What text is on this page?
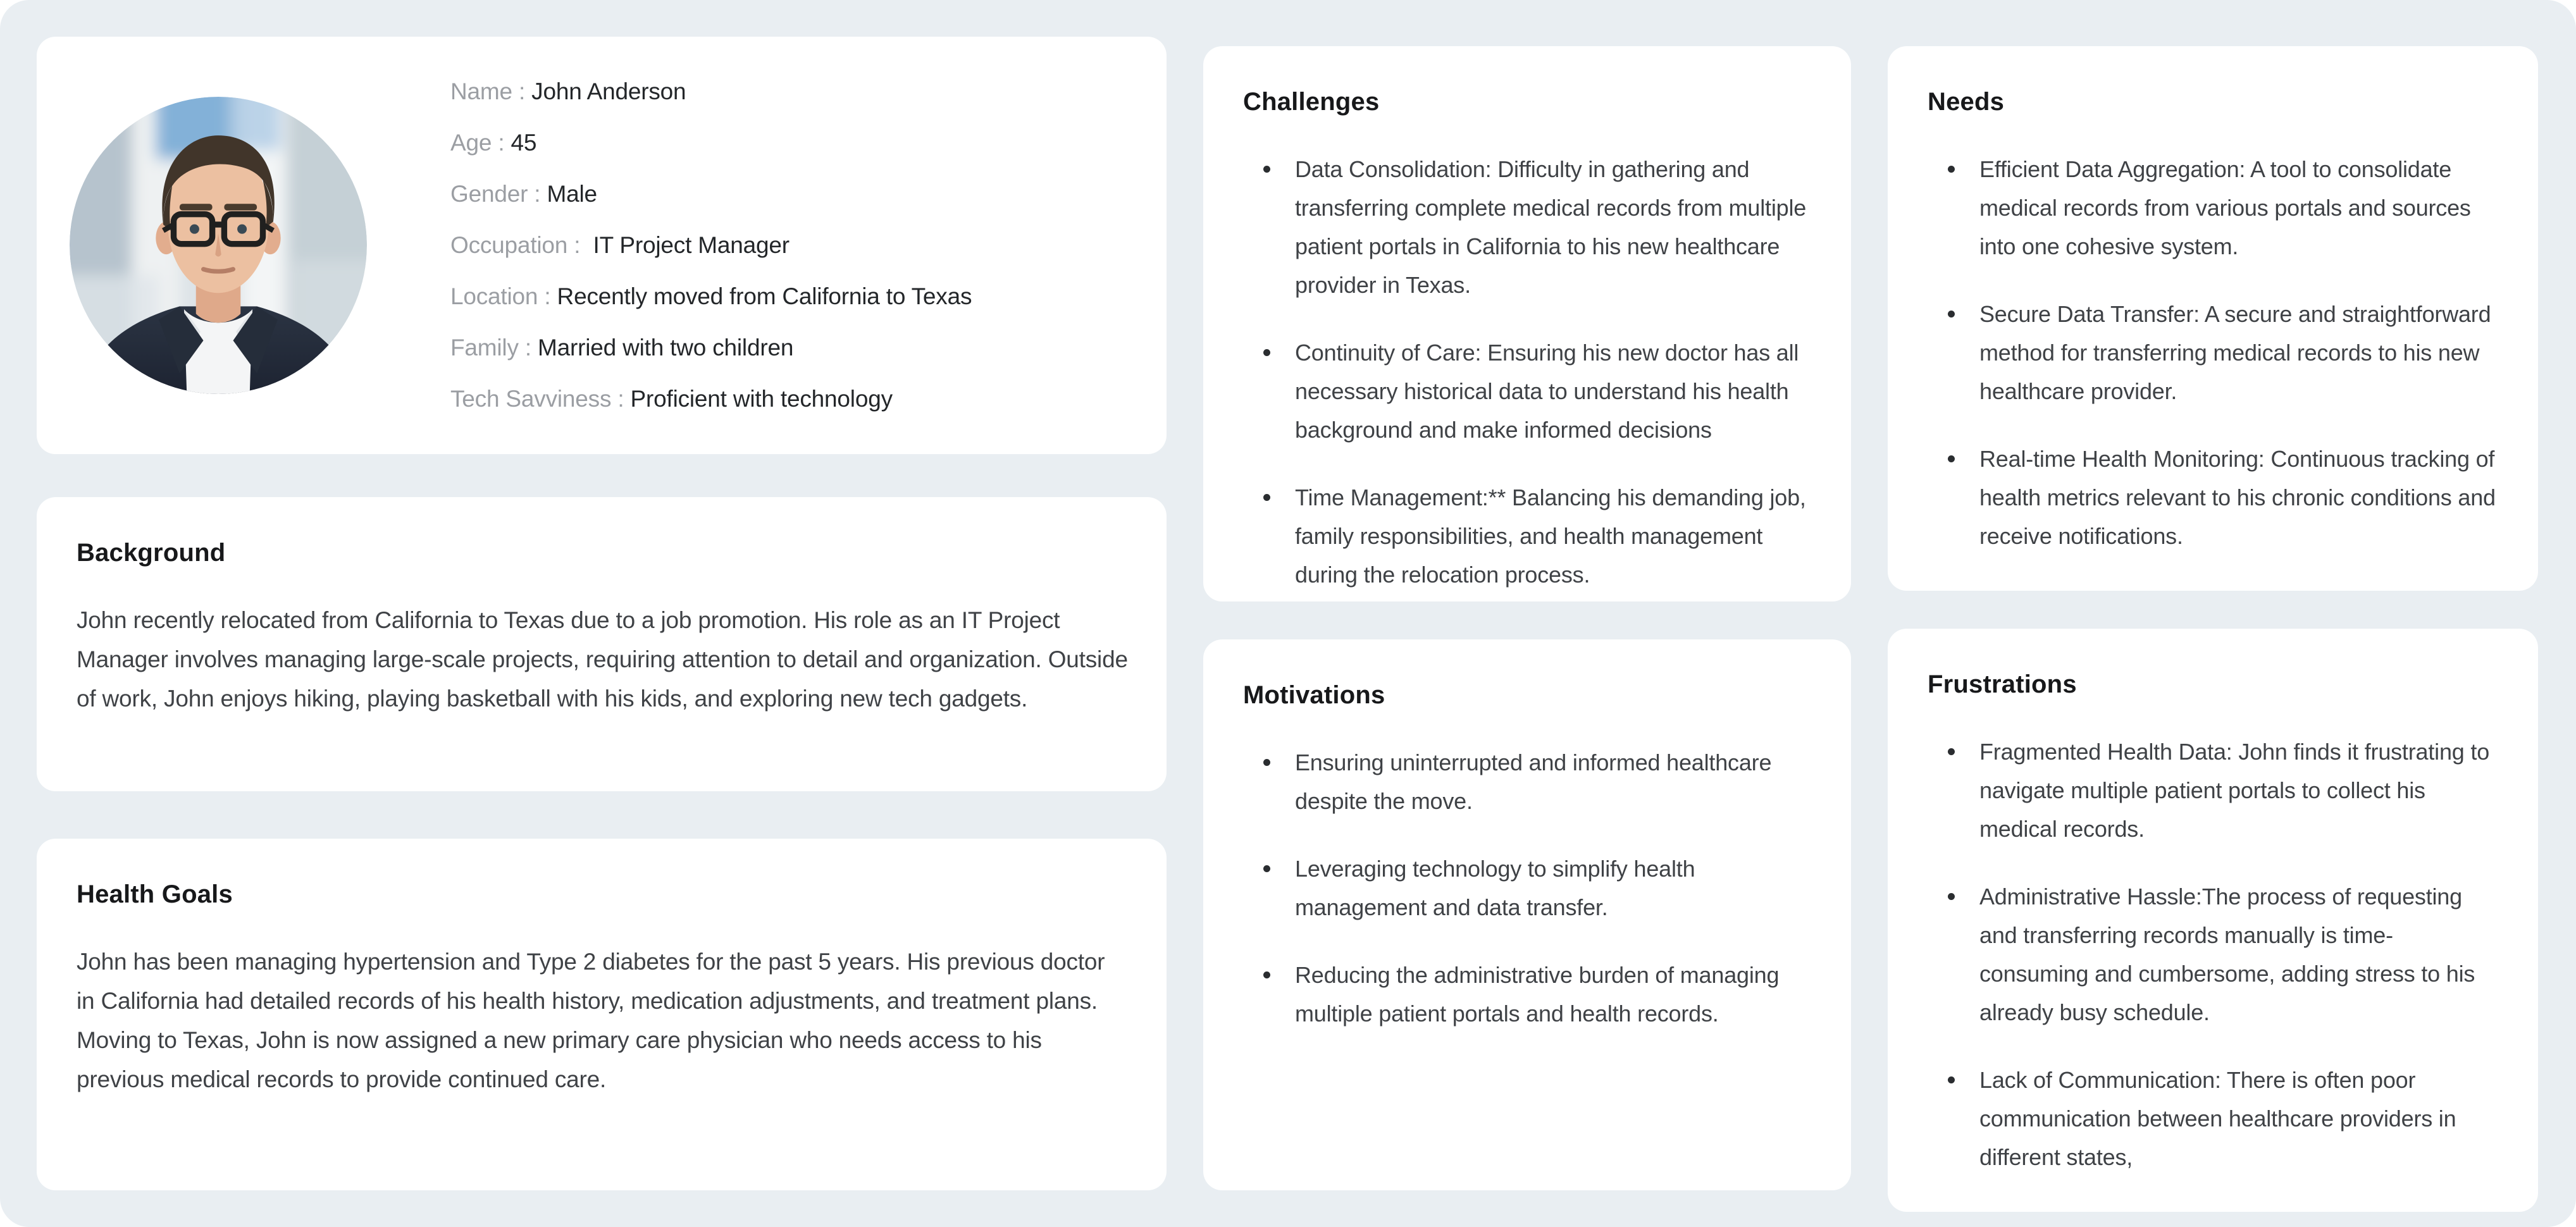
Name : John Anderson
Age : 45
Gender : Male
Occupation :  IT Project Manager
Location : Recently moved from California to Texas
Family : Married with two children
Tech Savviness : Proficient with technology
Background

John recently relocated from California to Texas due to a job promotion. His role as an IT Project Manager involves managing large-scale projects, requiring attention to detail and organization. Outside of work, John enjoys hiking, playing basketball with his kids, and exploring new tech gadgets.

Health Goals

John has been managing hypertension and Type 2 diabetes for the past 5 years. His previous doctor in California had detailed records of his health history, medication adjustments, and treatment plans. Moving to Texas, John is now assigned a new primary care physician who needs access to his previous medical records to provide continued care.

Challenges
Data Consolidation: Difficulty in gathering and transferring complete medical records from multiple patient portals in California to his new healthcare provider in Texas.
Continuity of Care: Ensuring his new doctor has all necessary historical data to understand his health background and make informed decisions
Time Management:** Balancing his demanding job, family responsibilities, and health management during the relocation process.
Motivations
Ensuring uninterrupted and informed healthcare despite the move.
Leveraging technology to simplify health management and data transfer.
Reducing the administrative burden of managing multiple patient portals and health records.
Needs
Efficient Data Aggregation: A tool to consolidate medical records from various portals and sources into one cohesive system.
Secure Data Transfer: A secure and straightforward method for transferring medical records to his new healthcare provider.
Real-time Health Monitoring: Continuous tracking of health metrics relevant to his chronic conditions and receive notifications.
Frustrations
Fragmented Health Data: John finds it frustrating to navigate multiple patient portals to collect his medical records.
Administrative Hassle:The process of requesting and transferring records manually is time-consuming and cumbersome, adding stress to his already busy schedule.
Lack of Communication: There is often poor communication between healthcare providers in different states,
